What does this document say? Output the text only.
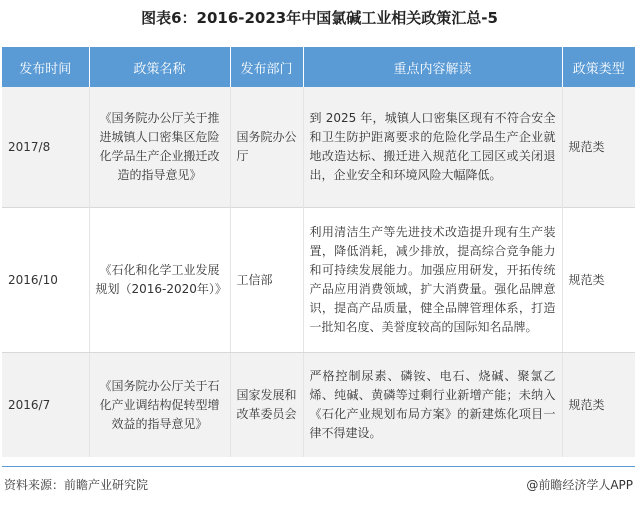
图表6：2016-2023年中国氯碱工业相关政策汇总-5
发布时间	政策名称	发布部门	重点内容解读	政策类型
2017/8	《国务院办公厅关于推进城镇人口密集区危险化学品生产企业搬迁改造的指导意见》	国务院办公厅	到 2025 年，城镇人口密集区现有不符合安全和卫生防护距离要求的危险化学品生产企业就地改造达标、搬迁进入规范化工园区或关闭退出，企业安全和环境风险大幅降低。	规范类
2016/10	《石化和化学工业发展规划（2016-2020年）》	工信部	利用清洁生产等先进技术改造提升现有生产装置，降低消耗，减少排放，提高综合竞争能力和可持续发展能力。加强应用研发，开拓传统产品应用消费领域，扩大消费量。强化品牌意识，提高产品质量，健全品牌管理体系，打造一批知名度、美誉度较高的国际知名品牌。	规范类
2016/7	《国务院办公厅关于石化产业调结构促转型增效益的指导意见》	国家发展和改革委员会	严格控制尿素、磷铵、电石、烧碱、聚氯乙烯、纯碱、黄磷等过剩行业新增产能；未纳入《石化产业规划布局方案》的新建炼化项目一律不得建设。	规范类
资料来源：前瞻产业研究院	@前瞻经济学人APP
